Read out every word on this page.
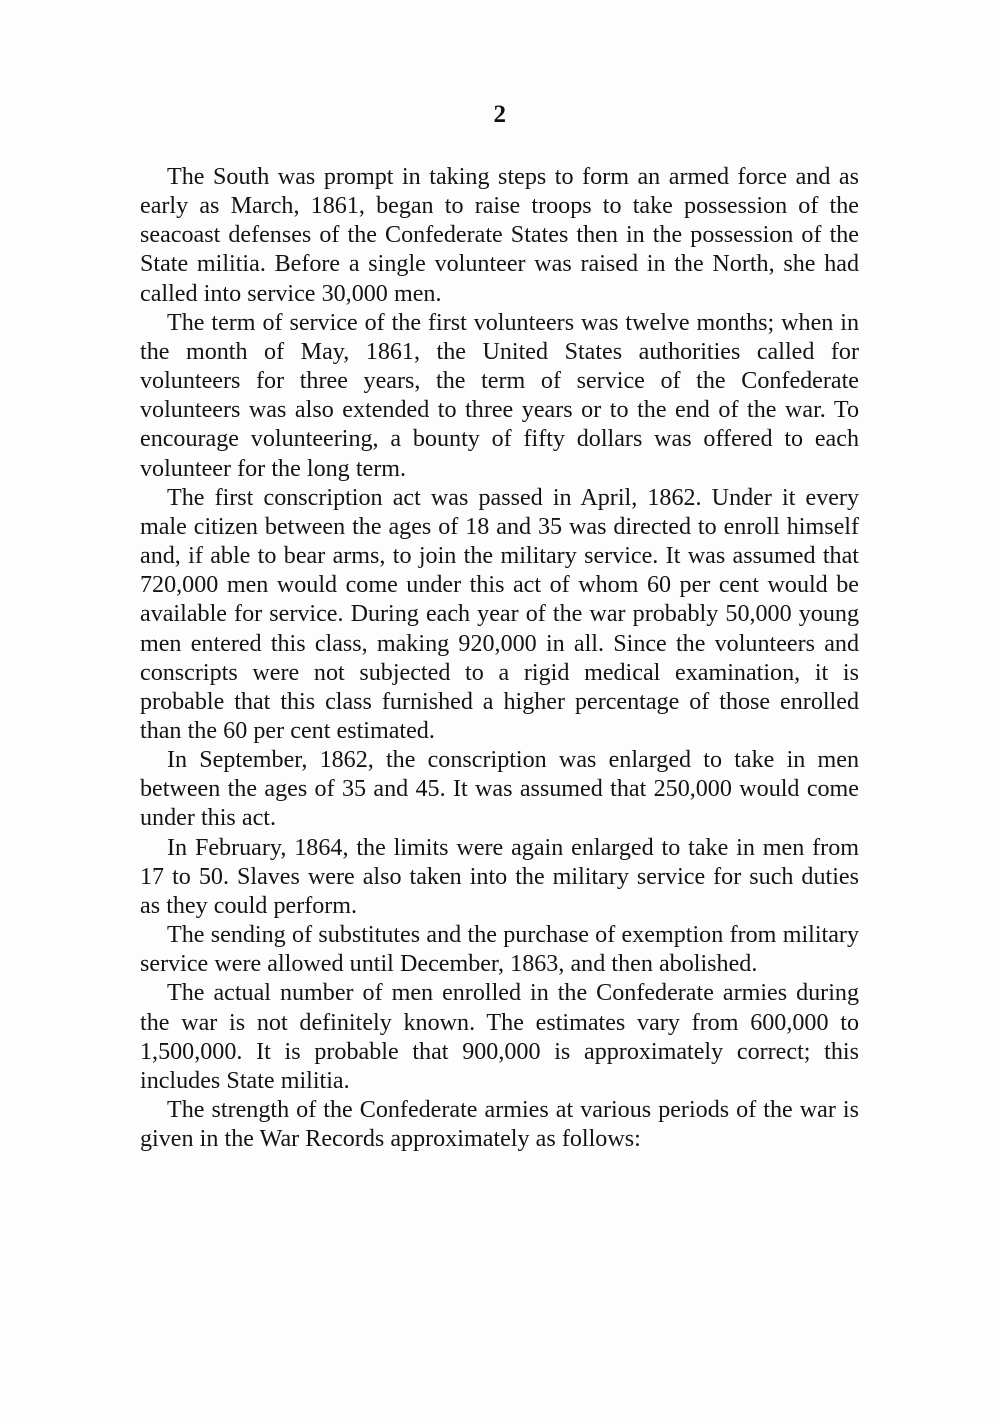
2

The South was prompt in taking steps to form an armed force and as early as March, 1861, began to raise troops to take possession of the seacoast defenses of the Confederate States then in the possession of the State militia. Before a single volunteer was raised in the North, she had called into service 30,000 men.

The term of service of the first volunteers was twelve months; when in the month of May, 1861, the United States authorities called for volunteers for three years, the term of service of the Confederate volunteers was also extended to three years or to the end of the war. To encourage volunteering, a bounty of fifty dollars was offered to each volunteer for the long term.

The first conscription act was passed in April, 1862. Under it every male citizen between the ages of 18 and 35 was directed to enroll himself and, if able to bear arms, to join the military service. It was assumed that 720,000 men would come under this act of whom 60 per cent would be available for service. During each year of the war probably 50,000 young men entered this class, making 920,000 in all. Since the volunteers and conscripts were not subjected to a rigid medical examination, it is probable that this class furnished a higher percentage of those enrolled than the 60 per cent estimated.

In September, 1862, the conscription was enlarged to take in men between the ages of 35 and 45. It was assumed that 250,000 would come under this act.

In February, 1864, the limits were again enlarged to take in men from 17 to 50. Slaves were also taken into the military service for such duties as they could perform.

The sending of substitutes and the purchase of exemption from military service were allowed until December, 1863, and then abolished.

The actual number of men enrolled in the Confederate armies during the war is not definitely known. The estimates vary from 600,000 to 1,500,000. It is probable that 900,000 is approximately correct; this includes State militia.

The strength of the Confederate armies at various periods of the war is given in the War Records approximately as follows:
